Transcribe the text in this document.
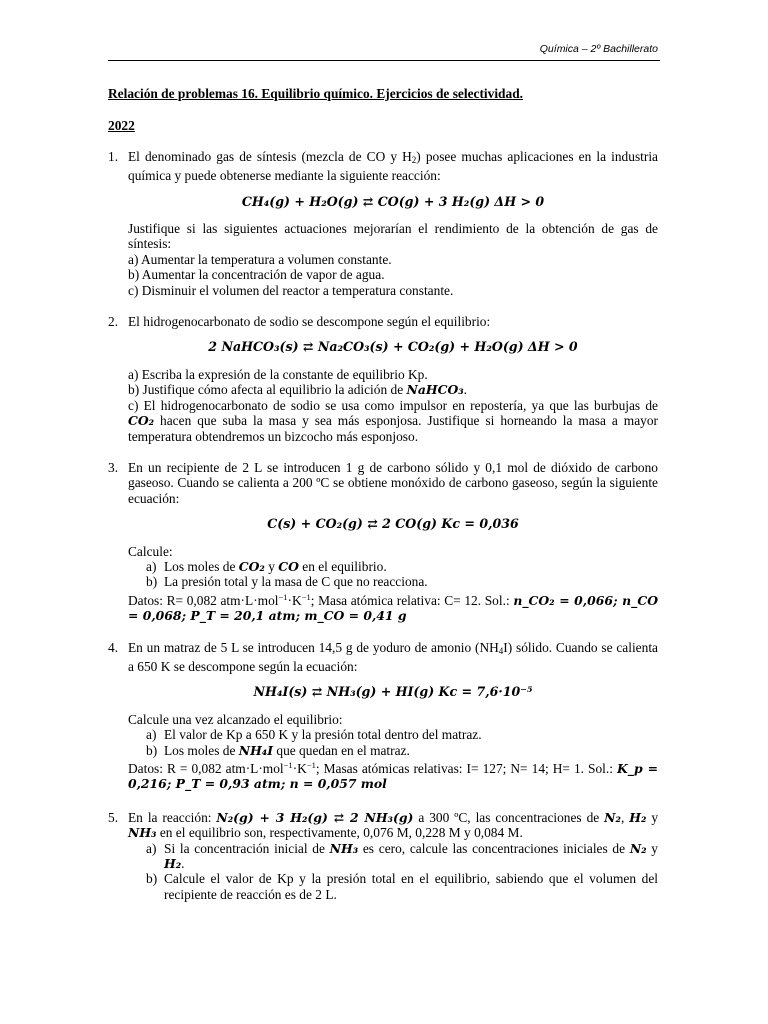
Química – 2º Bachillerato
Relación de problemas 16. Equilibrio químico. Ejercicios de selectividad.
2022
1. El denominado gas de síntesis (mezcla de CO y $H_2$) posee muchas aplicaciones en la industria química y puede obtenerse mediante la siguiente reacción:
CH₄(g) + H₂O(g) ⇄ CO(g) + 3 H₂(g) ΔH > 0
Justifique si las siguientes actuaciones mejorarían el rendimiento de la obtención de gas de síntesis:
a) Aumentar la temperatura a volumen constante.
b) Aumentar la concentración de vapor de agua.
c) Disminuir el volumen del reactor a temperatura constante.
2. El hidrogenocarbonato de sodio se descompone según el equilibrio:
2 NaHCO₃(s) ⇄ Na₂CO₃(s) + CO₂(g) + H₂O(g) ΔH > 0
a) Escriba la expresión de la constante de equilibrio Kp.
b) Justifique cómo afecta al equilibrio la adición de NaHCO₃.
c) El hidrogenocarbonato de sodio se usa como impulsor en repostería, ya que las burbujas de CO₂ hacen que suba la masa y sea más esponjosa. Justifique si horneando la masa a mayor temperatura obtendremos un bizcocho más esponjoso.
3. En un recipiente de 2 L se introducen 1 g de carbono sólido y 0,1 mol de dióxido de carbono gaseoso. Cuando se calienta a 200 ºC se obtiene monóxido de carbono gaseoso, según la siguiente ecuación:
C(s) + CO₂(g) ⇄ 2 CO(g) Kc = 0,036
Calcule:
a) Los moles de CO₂ y CO en el equilibrio.
b) La presión total y la masa de C que no reacciona.
Datos: R= 0,082 $atm\cdot L\cdot mol^{-1}\cdot K^{-1}$; Masa atómica relativa: C= 12. Sol.: n_CO₂ = 0,066; n_CO = 0,068; P_T = 20,1 atm; m_CO = 0,41 g
4. En un matraz de 5 L se introducen 14,5 g de yoduro de amonio $(NH_4I)$ sólido. Cuando se calienta a 650 K se descompone según la ecuación:
NH₄I(s) ⇄ NH₃(g) + HI(g) Kc = 7,6·10⁻⁵
Calcule una vez alcanzado el equilibrio:
a) El valor de Kp a 650 K y la presión total dentro del matraz.
b) Los moles de NH₄I que quedan en el matraz.
Datos: R = 0,082 $atm\cdot L\cdot mol^{-1}\cdot K^{-1}$; Masas atómicas relativas: I= 127; N= 14; H= 1. Sol.: K_p = 0,216; P_T = 0,93 atm; n = 0,057 mol
5. En la reacción: N₂(g) + 3 H₂(g) ⇄ 2 NH₃(g) a 300 ºC, las concentraciones de N₂, H₂ y NH₃ en el equilibrio son, respectivamente, 0,076 M, 0,228 M y 0,084 M.
a) Si la concentración inicial de NH₃ es cero, calcule las concentraciones iniciales de N₂ y H₂.
b) Calcule el valor de Kp y la presión total en el equilibrio, sabiendo que el volumen del recipiente de reacción es de 2 L.
